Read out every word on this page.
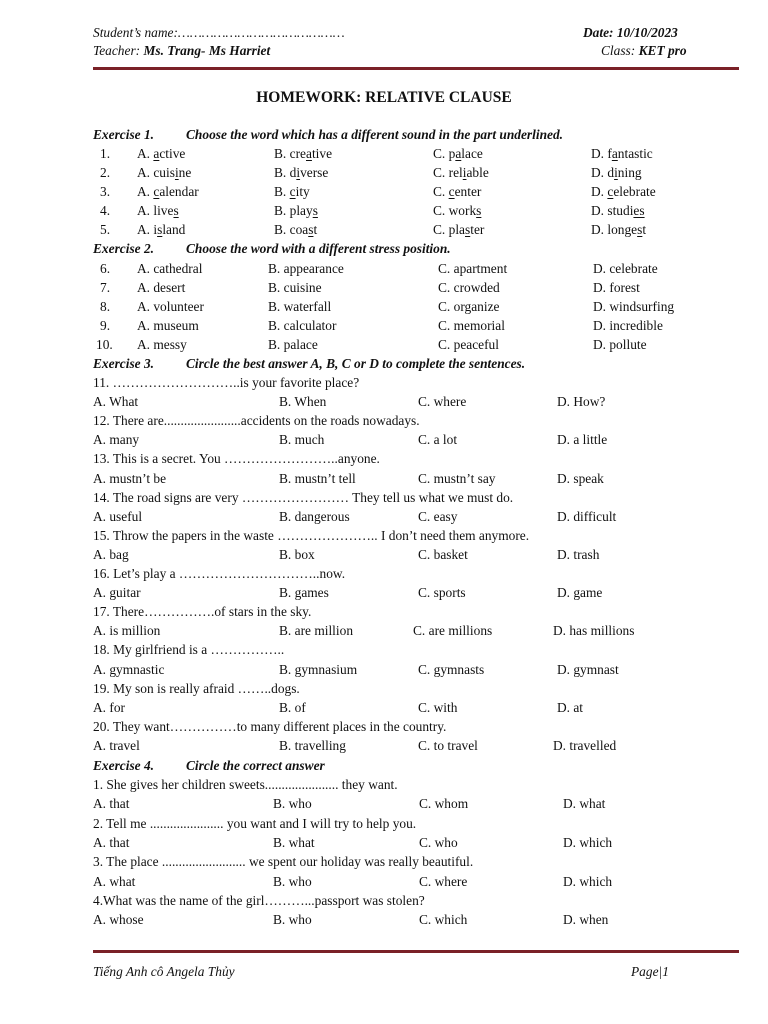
Student’s name:……………………………………	Date: 10/10/2023
Teacher: Ms. Trang- Ms Harriet	Class: KET pro
HOMEWORK: RELATIVE CLAUSE
Exercise 1. Choose the word which has a different sound in the part underlined.
1. A. active	B. creative	C. palace	D. fantastic
2. A. cuisine	B. diverse	C. reliable	D. dining
3. A. calendar	B. city	C. center	D. celebrate
4. A. lives	B. plays	C. works	D. studies
5. A. island	B. coast	C. plaster	D. longest
Exercise 2. Choose the word with a different stress position.
6. A. cathedral	B. appearance	C. apartment	D. celebrate
7. A. desert	B. cuisine	C. crowded	D. forest
8. A. volunteer	B. waterfall	C. organize	D. windsurfing
9. A. museum	B. calculator	C. memorial	D. incredible
10. A. messy	B. palace	C. peaceful	D. pollute
Exercise 3. Circle the best answer A, B, C or D to complete the sentences.
11. ………………………..is your favorite place?
A. What	B. When	C. where	D. How?
12. There are.......................accidents on the roads nowadays.
A. many	B. much	C. a lot	D. a little
13. This is a secret. You ……………………..anyone.
A. mustn’t be	B. mustn’t tell	C. mustn’t say	D. speak
14. The road signs are very …………………… They tell us what we must do.
A. useful	B. dangerous	C. easy	D. difficult
15. Throw the papers in the waste ………………….. I don’t need them anymore.
A. bag	B. box	C. basket	D. trash
16. Let’s play a …………………………..now.
A. guitar	B. games	C. sports	D. game
17. There…………….of stars in the sky.
A. is million	B. are million	C. are millions	D. has millions
18. My girlfriend is a ……………..
A. gymnastic	B. gymnasium	C. gymnasts	D. gymnast
19. My son is really afraid ……..dogs.
A. for	B. of	C. with	D. at
20. They want……………to many different places in the country.
A. travel	B. travelling	C. to travel	D. travelled
Exercise 4. Circle the correct answer
1. She gives her children sweets...................... they want.
A. that	B. who	C. whom	D. what
2. Tell me ...................... you want and I will try to help you.
A. that	B. what	C. who	D. which
3. The place ......................... we spent our holiday was really beautiful.
A. what	B. who	C. where	D. which
4.What was the name of the girl………...passport was stolen?
A. whose	B. who	C. which	D. when
Tiếng Anh cô Angela Thủy	Page|1
